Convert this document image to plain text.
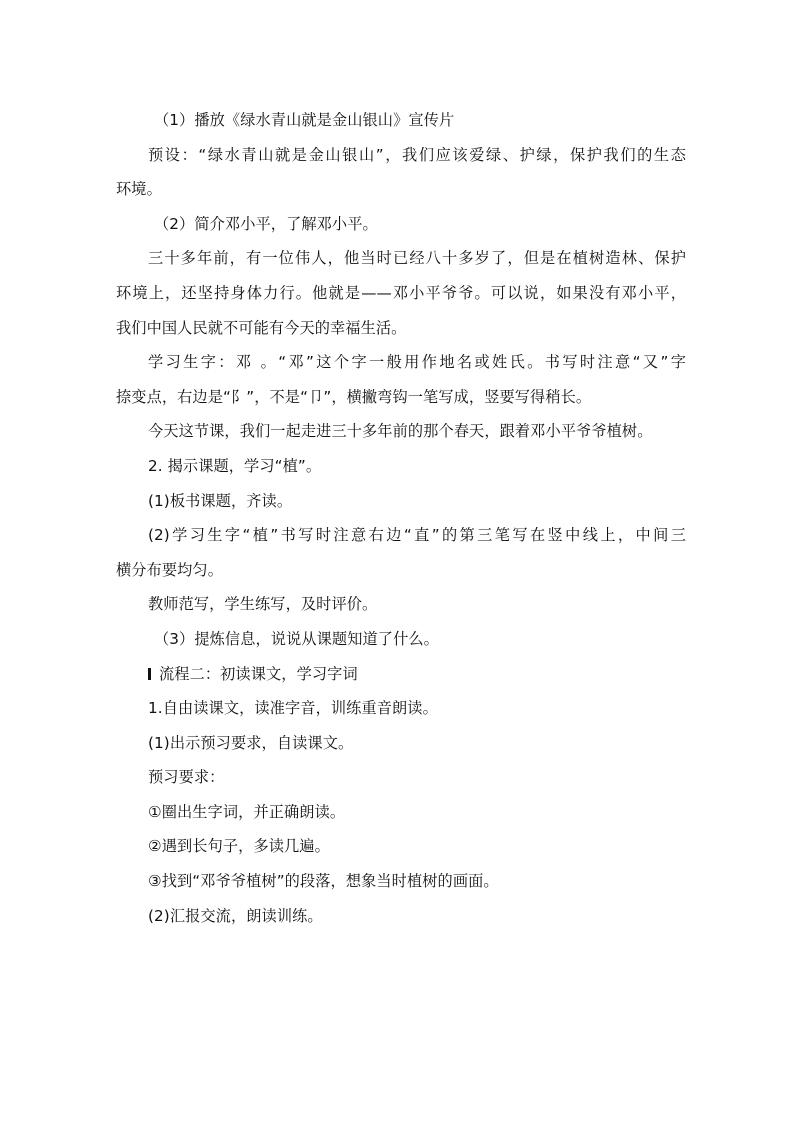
（1）播放《绿水青山就是金山银山》宣传片
预设：“绿水青山就是金山银山”，我们应该爱绿、护绿，保护我们的生态
环境。
（2）简介邓小平，了解邓小平。
三十多年前，有一位伟人，他当时已经八十多岁了，但是在植树造林、保护
环境上，还坚持身体力行。他就是——邓小平爷爷。可以说，如果没有邓小平，
我们中国人民就不可能有今天的幸福生活。
学习生字：邓 。“邓”这个字一般用作地名或姓氏。书写时注意“又”字
捺变点，右边是“阝”，不是“卩”，横撇弯钩一笔写成，竖要写得稍长。
今天这节课，我们一起走进三十多年前的那个春天，跟着邓小平爷爷植树。
2. 揭示课题，学习“植”。
(1)板书课题，齐读。
(2)学习生字“植”书写时注意右边“直”的第三笔写在竖中线上，中间三
横分布要均匀。
教师范写，学生练写，及时评价。
（3）提炼信息，说说从课题知道了什么。
流程二：初读课文，学习字词
1.自由读课文，读准字音，训练重音朗读。
(1)出示预习要求，自读课文。
预习要求：
①圈出生字词，并正确朗读。
②遇到长句子，多读几遍。
③找到“邓爷爷植树”的段落，想象当时植树的画面。
(2)汇报交流，朗读训练。
